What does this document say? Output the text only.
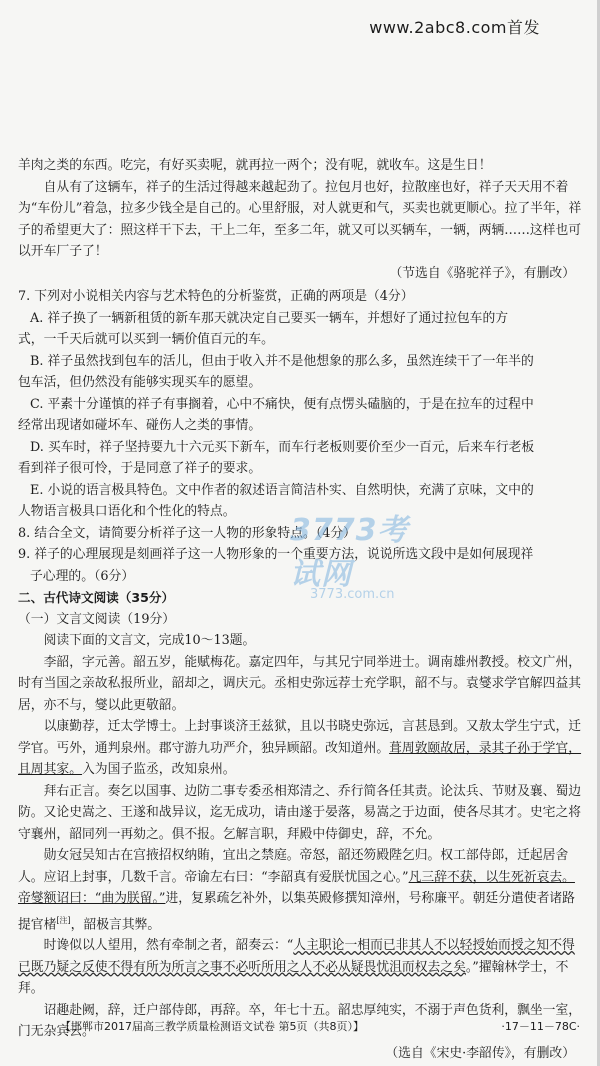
www.2abc8.com首发

羊肉之类的东西。吃完，有好买卖呢，就再拉一两个；没有呢，就收车。这是生日！

自从有了这辆车，祥子的生活过得越来越起劲了。拉包月也好，拉散座也好，祥子天天用不着为“车份儿”着急，拉多少钱全是自己的。心里舒服，对人就更和气，买卖也就更顺心。拉了半年，祥子的希望更大了：照这样干下去，干上二年，至多二年，就又可以买辆车，一辆，两辆……这样也可以开车厂子了！

（节选自《骆驼祥子》，有删改）

7. 下列对小说相关内容与艺术特色的分析鉴赏，正确的两项是（4分）

A. 祥子换了一辆新租赁的新车那天就决定自己要买一辆车，并想好了通过拉包车的方

式，一千天后就可以买到一辆价值百元的车。

B. 祥子虽然找到包车的活儿，但由于收入并不是他想象的那么多，虽然连续干了一年半的

包车活，但仍然没有能够实现买车的愿望。

C. 平素十分谨慎的祥子有事搁着，心中不痛快，便有点愣头磕脑的，于是在拉车的过程中

经常出现诸如碰坏车、碰伤人之类的事情。

D. 买车时，祥子坚持要九十六元买下新车，而车行老板则要价至少一百元，后来车行老板

看到祥子很可怜，于是同意了祥子的要求。

E. 小说的语言极具特色。文中作者的叙述语言简洁朴实、自然明快，充满了京味，文中的

人物语言极具口语化和个性化的特点。

8. 结合全文，请简要分析祥子这一人物的形象特点。（4分）

9. 祥子的心理展现是刻画祥子这一人物形象的一个重要方法，说说所选文段中是如何展现祥

子心理的。（6分）

二、古代诗文阅读（35分）

（一）文言文阅读（19分）

阅读下面的文言文，完成10～13题。

李韶，字元善。韶五岁，能赋梅花。嘉定四年，与其兄宁同举进士。调南雄州教授。校文广州，时有当国之亲故私报所业，韶却之，调庆元。丞相史弥远荐士充学职，韶不与。袁燮求学官解四益其居，亦不与，燮以此更敬韶。

以康勤荐，迁太学博士。上封事谈济王兹狱，且以书晓史弥远，言甚恳到。又敖太学生宁式，迁学官。丐外，通判泉州。郡守游九功严介，独异顾韶。改知道州。葺周敦颐故居，录其子孙于学官，且周其家。入为国子监丞，改知泉州。

拜右正言。奏乞以国事、边防二事专委丞相郑清之、乔行简各任其责。论汰兵、节财及襄、蜀边防。又论史嵩之、王遂和战异议，迄无成功，请由遂于晏落，易嵩之于边面，使各尽其才。史宅之将守襄州，韶同列一再劾之。俱不报。乞解言职，拜殿中侍御史，辞，不允。

勋女冠吴知古在宫掖招权纳賄，宜出之禁庭。帝怒，韶还笏殿陛乞归。权工部侍郎，迁起居舍人。应诏上封事，几数千言。帝谕左右曰：“李韶真有爱朕忧国之心。”凡三辞不获，以生死祈哀去。帝燮额诏曰：“曲为朕留。”进，复累疏乞补外，以集英殿修撰知漳州，号称廉平。朝廷分遣使者诸路提官楮[注]，韶极言其弊。

时谗似以人望用，然有牵制之者，韶奏云：“人主职论一相而已非其人不以轻授始而授之知不得已既乃疑之反使不得有所为所言之事不必听所用之人不必从疑畏忧沮而权去之矣。”擢翰林学士，不拜。

诏趣赴阙，辞，迁户部侍郎，再辞。卒，年七十五。韶忠厚纯实，不溺于声色货利，飘坐一室，门无杂宾云。

（选自《宋史·李韶传》，有删改）

3773考试网
3773.com.cn
【邯郸市2017届高三教学质量检测语文试卷 第5页（共8页）】	·17－11－78C·
